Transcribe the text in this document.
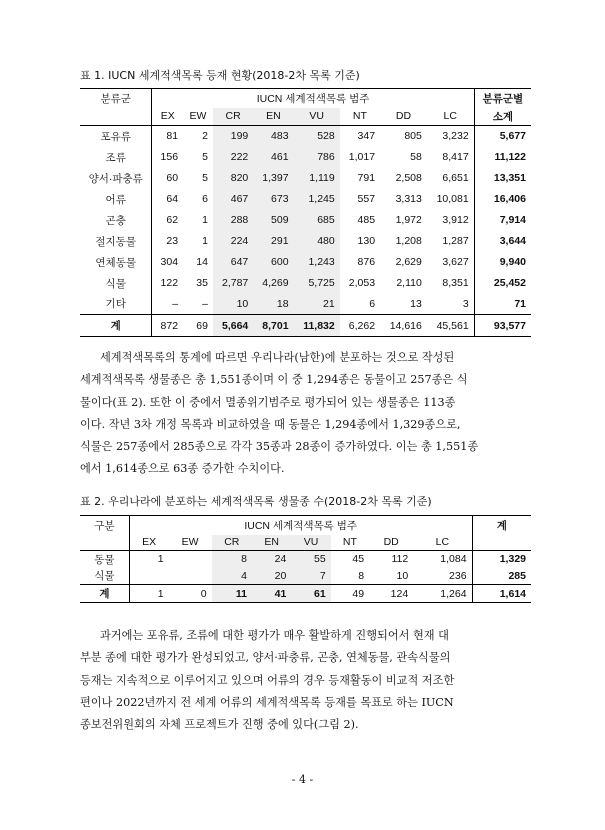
표 1. IUCN 세계적색목록 등재 현황(2018-2차 목록 기준)
분류군	IUCN 세계적색목록 범주								분류군별
	EX	EW	CR	EN	VU	NT	DD	LC	소계
포유류	81	2	199	483	528	347	805	3,232	5,677
조류	156	5	222	461	786	1,017	58	8,417	11,122
양서·파충류	60	5	820	1,397	1,119	791	2,508	6,651	13,351
어류	64	6	467	673	1,245	557	3,313	10,081	16,406
곤충	62	1	288	509	685	485	1,972	3,912	7,914
절지동물	23	1	224	291	480	130	1,208	1,287	3,644
연체동물	304	14	647	600	1,243	876	2,629	3,627	9,940
식물	122	35	2,787	4,269	5,725	2,053	2,110	8,351	25,452
기타	–	–	10	18	21	6	13	3	71
계	872	69	5,664	8,701	11,832	6,262	14,616	45,561	93,577
세계적색목록의 통계에 따르면 우리나라(남한)에 분포하는 것으로 작성된
세계적색목록 생물종은 총 1,551종이며 이 중 1,294종은 동물이고 257종은 식
물이다(표 2). 또한 이 중에서 멸종위기범주로 평가되어 있는 생물종은 113종
이다. 작년 3차 개정 목록과 비교하였을 때 동물은 1,294종에서 1,329종으로,
식물은 257종에서 285종으로 각각 35종과 28종이 증가하였다. 이는 총 1,551종
에서 1,614종으로 63종 증가한 수치이다.
표 2. 우리나라에 분포하는 세계적색목록 생물종 수(2018-2차 목록 기준)
구분	IUCN 세계적색목록 범주								계
	EX	EW	CR	EN	VU	NT	DD	LC	
동물	1		8	24	55	45	112	1,084	1,329
식물			4	20	7	8	10	236	285
계	1	0	11	41	61	49	124	1,264	1,614
과거에는 포유류, 조류에 대한 평가가 매우 활발하게 진행되어서 현재 대
부분 종에 대한 평가가 완성되었고, 양서·파충류, 곤충, 연체동물, 관속식물의
등재는 지속적으로 이루어지고 있으며 어류의 경우 등재활동이 비교적 저조한
편이나 2022년까지 전 세계 어류의 세계적색목록 등재를 목표로 하는 IUCN
종보전위원회의 자체 프로젝트가 진행 중에 있다(그림 2).
- 4 -
